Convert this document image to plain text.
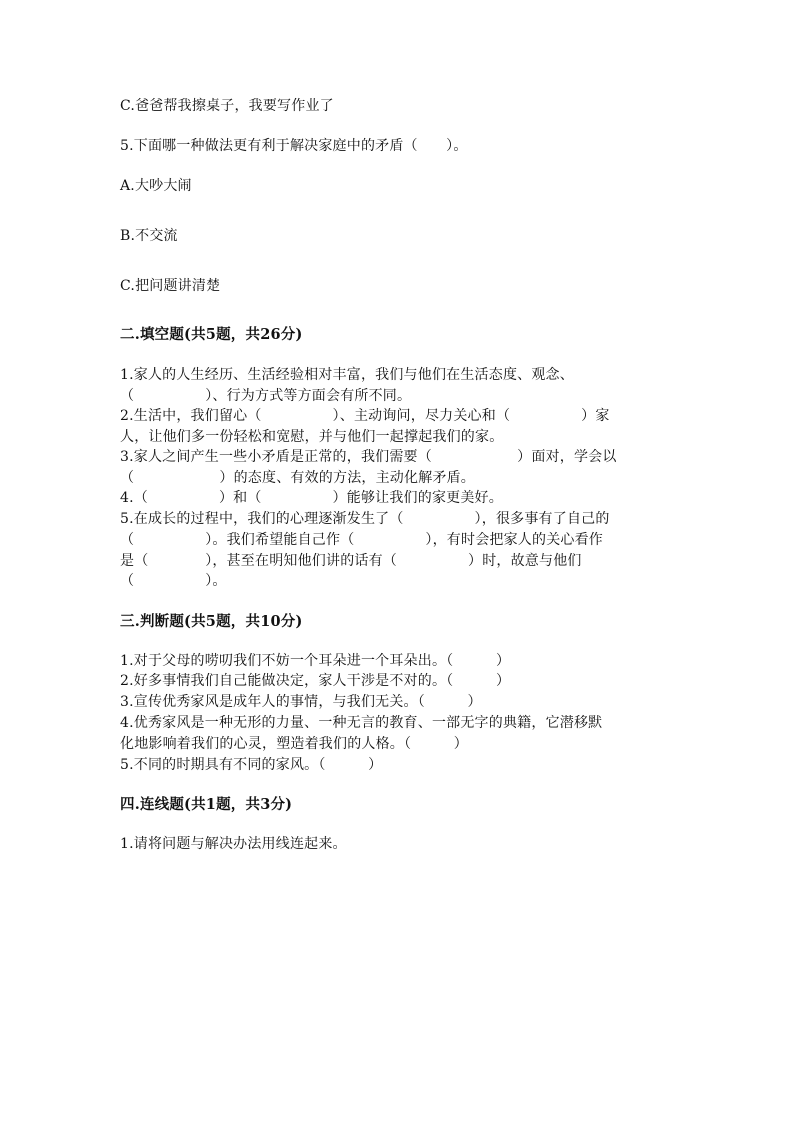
C.爸爸帮我擦桌子，我要写作业了
5.下面哪一种做法更有利于解决家庭中的矛盾（　　）。
A.大吵大闹
B.不交流
C.把问题讲清楚
二.填空题(共5题，共26分)
1.家人的人生经历、生活经验相对丰富，我们与他们在生活态度、观念、
（　　　　　）、行为方式等方面会有所不同。
2.生活中，我们留心（　　　　　）、主动询问，尽力关心和（　　　　　）家
人，让他们多一份轻松和宽慰，并与他们一起撑起我们的家。
3.家人之间产生一些小矛盾是正常的，我们需要（　　　　　　）面对，学会以
（　　　　　　）的态度、有效的方法，主动化解矛盾。
4.（　　　　　）和（　　　　　）能够让我们的家更美好。
5.在成长的过程中，我们的心理逐渐发生了（　　　　　），很多事有了自己的
（　　　　　）。我们希望能自己作（　　　　　），有时会把家人的关心看作
是（　　　　），甚至在明知他们讲的话有（　　　　　）时，故意与他们
（　　　　　）。
三.判断题(共5题，共10分)
1.对于父母的唠叨我们不妨一个耳朵进一个耳朵出。（　　　）
2.好多事情我们自己能做决定，家人干涉是不对的。（　　　）
3.宣传优秀家风是成年人的事情，与我们无关。（　　　）
4.优秀家风是一种无形的力量、一种无言的教育、一部无字的典籍，它潜移默
化地影响着我们的心灵，塑造着我们的人格。（　　　）
5.不同的时期具有不同的家风。（　　　）
四.连线题(共1题，共3分)
1.请将问题与解决办法用线连起来。
